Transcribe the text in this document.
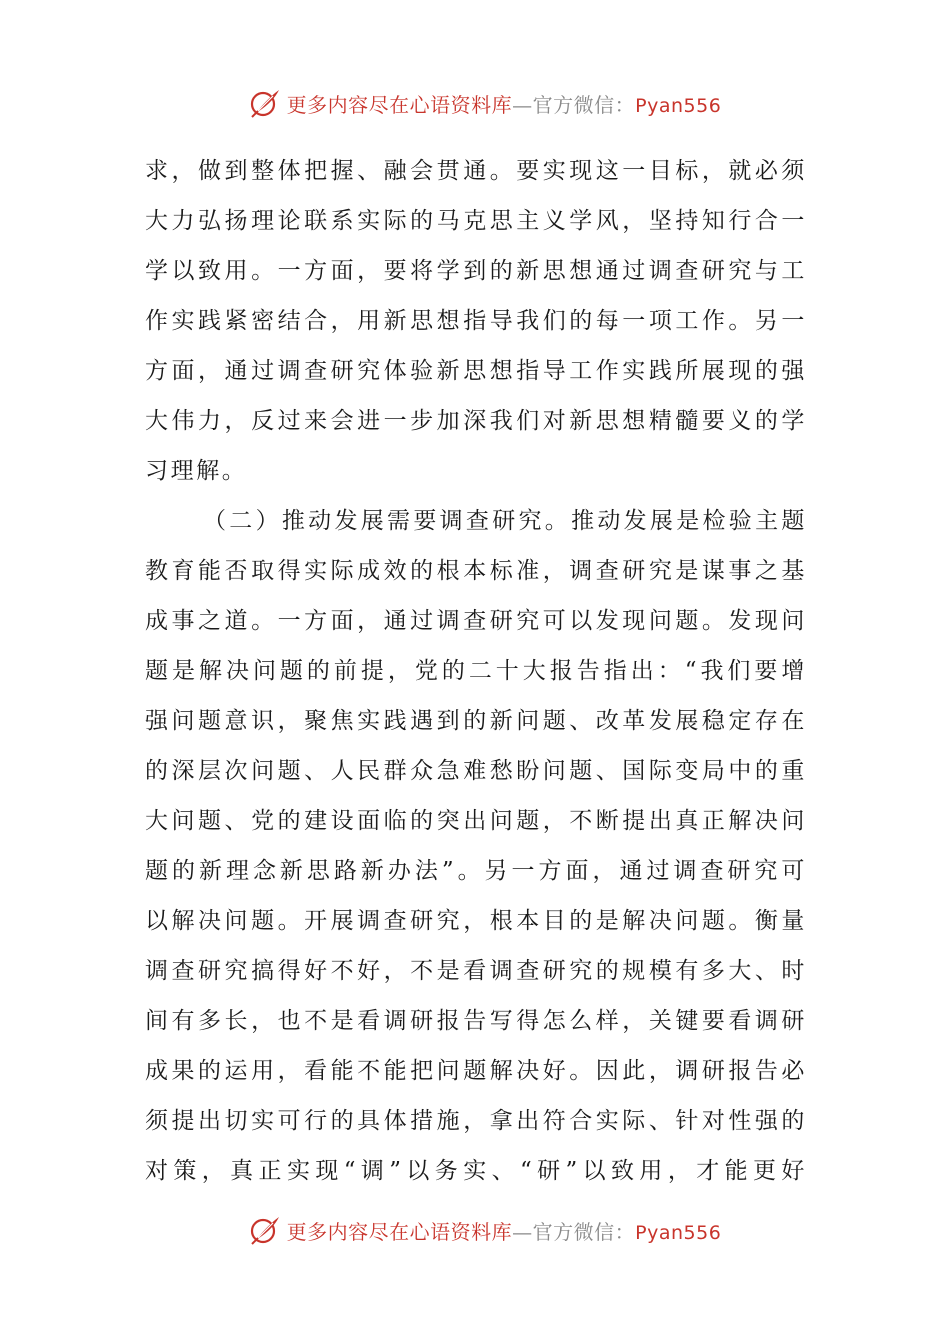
更多内容尽在心语资料库—官方微信：Pyan556
求，做到整体把握、融会贯通。要实现这一目标，就必须
大力弘扬理论联系实际的马克思主义学风，坚持知行合一
学以致用。一方面，要将学到的新思想通过调查研究与工
作实践紧密结合，用新思想指导我们的每一项工作。另一
方面，通过调查研究体验新思想指导工作实践所展现的强
大伟力，反过来会进一步加深我们对新思想精髓要义的学
习理解。
（二）推动发展需要调查研究。推动发展是检验主题
教育能否取得实际成效的根本标准，调查研究是谋事之基
成事之道。一方面，通过调查研究可以发现问题。发现问
题是解决问题的前提，党的二十大报告指出：“我们要增
强问题意识，聚焦实践遇到的新问题、改革发展稳定存在
的深层次问题、人民群众急难愁盼问题、国际变局中的重
大问题、党的建设面临的突出问题，不断提出真正解决问
题的新理念新思路新办法”。另一方面，通过调查研究可
以解决问题。开展调查研究，根本目的是解决问题。衡量
调查研究搞得好不好，不是看调查研究的规模有多大、时
间有多长，也不是看调研报告写得怎么样，关键要看调研
成果的运用，看能不能把问题解决好。因此，调研报告必
须提出切实可行的具体措施，拿出符合实际、针对性强的
对策，真正实现“调”以务实、“研”以致用，才能更好
更多内容尽在心语资料库—官方微信：Pyan556
